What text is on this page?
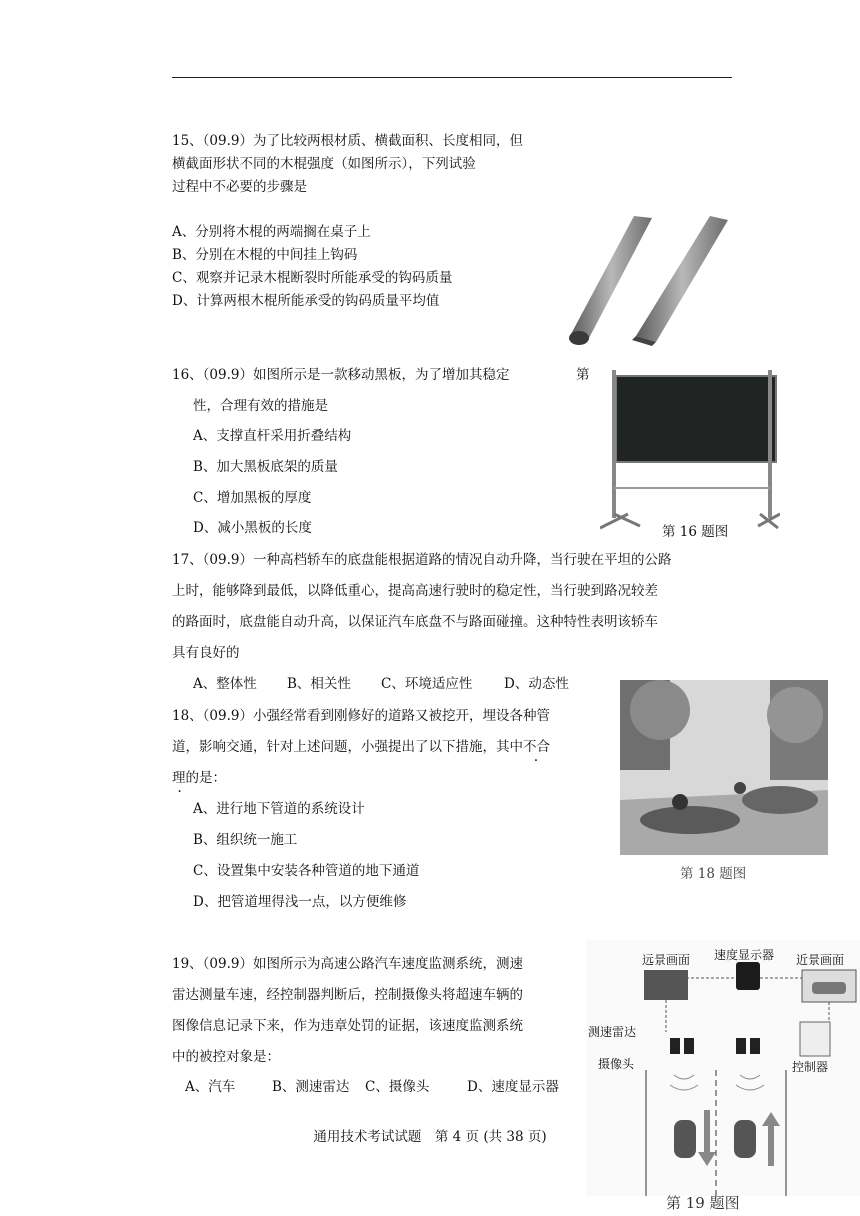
15、（09.9）为了比较两根材质、横截面积、长度相同，但
横截面形状不同的木棍强度（如图所示），下列试验
过程中不必要的步骤是
A、分别将木棍的两端搁在桌子上
B、分别在木棍的中间挂上钩码
C、观察并记录木棍断裂时所能承受的钩码质量
D、计算两根木棍所能承受的钩码质量平均值
16、（09.9）如图所示是一款移动黑板，为了增加其稳定	第
性，合理有效的措施是
A、支撑直杆采用折叠结构
B、加大黑板底架的质量
C、增加黑板的厚度
D、减小黑板的长度	第 16 题图
17、（09.9）一种高档轿车的底盘能根据道路的情况自动升降，当行驶在平坦的公路
上时，能够降到最低，以降低重心，提高高速行驶时的稳定性，当行驶到路况较差
的路面时，底盘能自动升高，以保证汽车底盘不与路面碰撞。这种特性表明该轿车
具有良好的
A、整体性 B、相关性 C、环境适应性 D、动态性
18、（09.9）小强经常看到刚修好的道路又被挖开，埋设各种管
道，影响交通，针对上述问题，小强提出了以下措施，其中不合
理的是：
A、进行地下管道的系统设计
B、组织统一施工
C、设置集中安装各种管道的地下通道
D、把管道埋得浅一点，以方便维修
第 18 题图
19、（09.9）如图所示为高速公路汽车速度监测系统，测速
雷达测量车速，经控制器判断后，控制摄像头将超速车辆的
图像信息记录下来，作为违章处罚的证据，该速度监测系统
中的被控对象是：
A、汽车	B、测速雷达 C、摄像头	D、速度显示器
速度显示器
远景画面	近景画面
测速雷达
摄像头	控制器
第 19 题图
通用技术考试试题　第 4 页 (共 38 页)
